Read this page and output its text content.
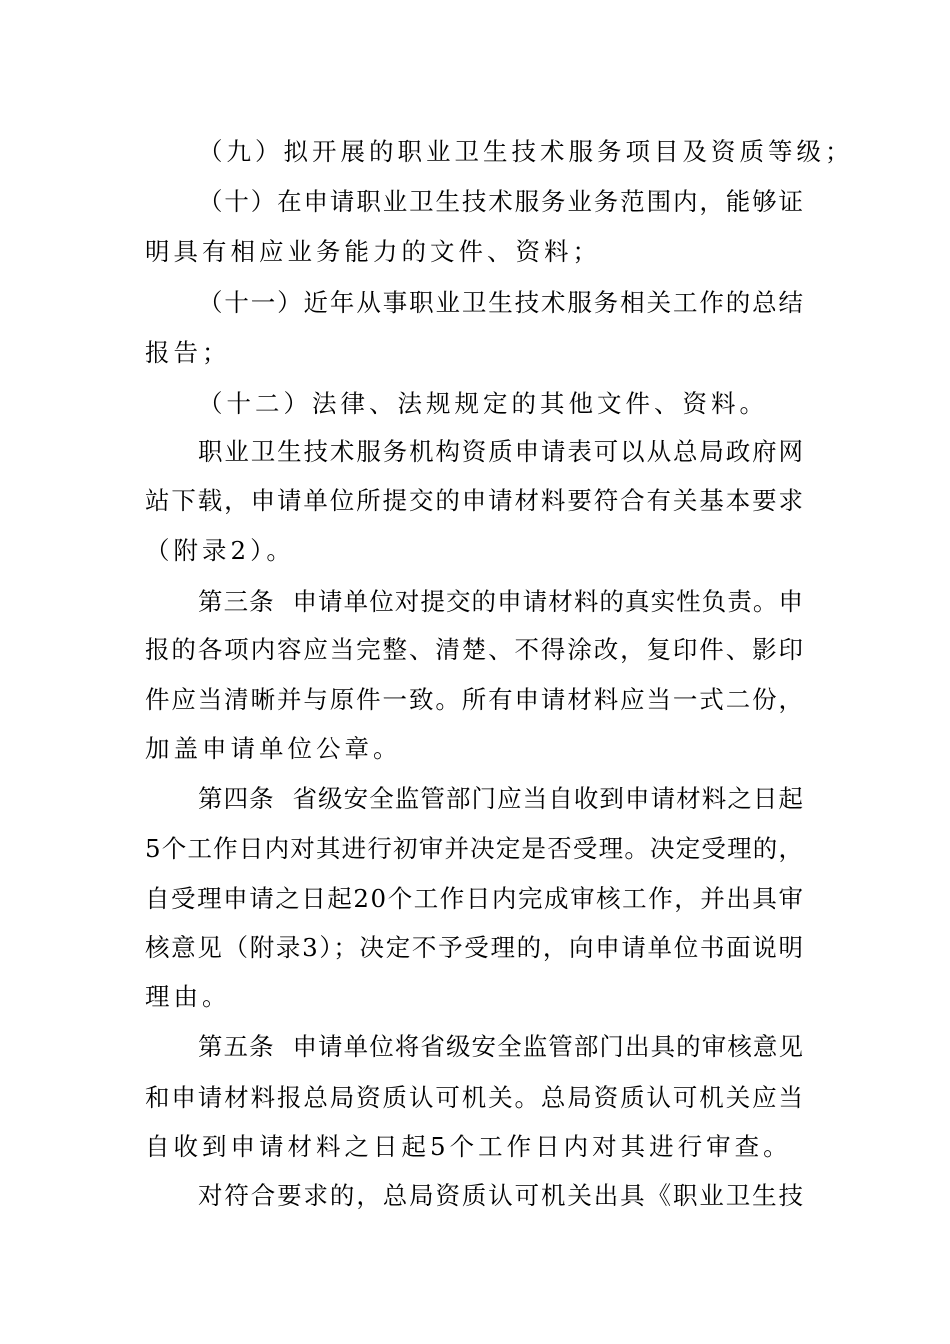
（九）拟开展的职业卫生技术服务项目及资质等级；
（十）在申请职业卫生技术服务业务范围内，能够证
明具有相应业务能力的文件、资料；
（十一）近年从事职业卫生技术服务相关工作的总结
报告；
（十二）法律、法规规定的其他文件、资料。
职业卫生技术服务机构资质申请表可以从总局政府网
站下载，申请单位所提交的申请材料要符合有关基本要求
（附录2）。
第三条  申请单位对提交的申请材料的真实性负责。申
报的各项内容应当完整、清楚、不得涂改，复印件、影印
件应当清晰并与原件一致。所有申请材料应当一式二份，
加盖申请单位公章。
第四条  省级安全监管部门应当自收到申请材料之日起
5个工作日内对其进行初审并决定是否受理。决定受理的，
自受理申请之日起20个工作日内完成审核工作，并出具审
核意见（附录3）；决定不予受理的，向申请单位书面说明
理由。
第五条  申请单位将省级安全监管部门出具的审核意见
和申请材料报总局资质认可机关。总局资质认可机关应当
自收到申请材料之日起5个工作日内对其进行审查。
对符合要求的，总局资质认可机关出具《职业卫生技
